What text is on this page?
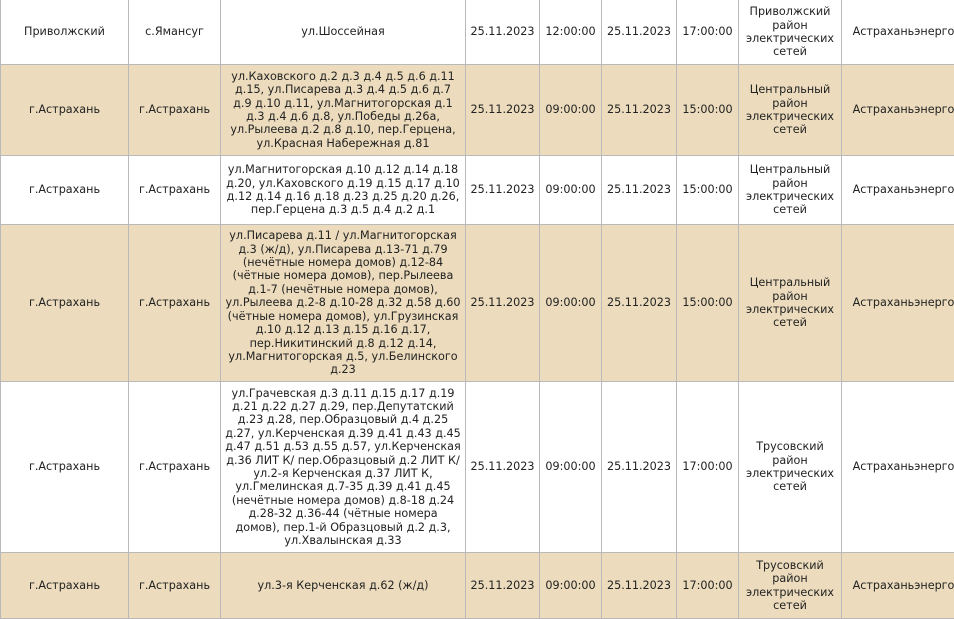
Приволжский	с.Ямансуг	ул.Шоссейная	25.11.2023	12:00:00	25.11.2023	17:00:00	Приволжский район электрических сетей	Астраханьэнерго
г.Астрахань	г.Астрахань	ул.Каховского д.2 д.3 д.4 д.5 д.6 д.11 д.15, ул.Писарева д.3 д.4 д.5 д.6 д.7 д.9 д.10 д.11, ул.Магнитогорская д.1 д.3 д.4 д.6 д.8, ул.Победы д.26а, ул.Рылеева д.2 д.8 д.10, пер.Герцена, ул.Красная Набережная д.81	25.11.2023	09:00:00	25.11.2023	15:00:00	Центральный район электрических сетей	Астраханьэнерго
г.Астрахань	г.Астрахань	ул.Магнитогорская д.10 д.12 д.14 д.18 д.20, ул.Каховского д.19 д.15 д.17 д.10 д.12 д.14 д.16 д.18 д.23 д.25 д.20 д.26, пер.Герцена д.3 д.5 д.4 д.2 д.1	25.11.2023	09:00:00	25.11.2023	15:00:00	Центральный район электрических сетей	Астраханьэнерго
г.Астрахань	г.Астрахань	ул.Писарева д.11 / ул.Магнитогорская д.3 (ж/д), ул.Писарева д.13-71 д.79 (нечётные номера домов) д.12-84 (чётные номера домов), пер.Рылеева д.1-7 (нечётные номера домов), ул.Рылеева д.2-8 д.10-28 д.32 д.58 д.60 (чётные номера домов), ул.Грузинская д.10 д.12 д.13 д.15 д.16 д.17, пер.Никитинский д.8 д.12 д.14, ул.Магнитогорская д.5, ул.Белинского д.23	25.11.2023	09:00:00	25.11.2023	15:00:00	Центральный район электрических сетей	Астраханьэнерго
г.Астрахань	г.Астрахань	ул.Грачевская д.3 д.11 д.15 д.17 д.19 д.21 д.22 д.27 д.29, пер.Депутатский д.23 д.28, пер.Образцовый д.4 д.25 д.27, ул.Керченская д.39 д.41 д.43 д.45 д.47 д.51 д.53 д.55 д.57, ул.Керченская д.36 ЛИТ К/ пер.Образцовый д.2 ЛИТ К/ ул.2-я Керченская д.37 ЛИТ К, ул.Гмелинская д.7-35 д.39 д.41 д.45 (нечётные номера домов) д.8-18 д.24 д.28-32 д.36-44 (чётные номера домов), пер.1-й Образцовый д.2 д.3, ул.Хвалынская д.33	25.11.2023	09:00:00	25.11.2023	17:00:00	Трусовский район электрических сетей	Астраханьэнерго
г.Астрахань	г.Астрахань	ул.3-я Керченская д.62 (ж/д)	25.11.2023	09:00:00	25.11.2023	17:00:00	Трусовский район электрических сетей	Астраханьэнерго
